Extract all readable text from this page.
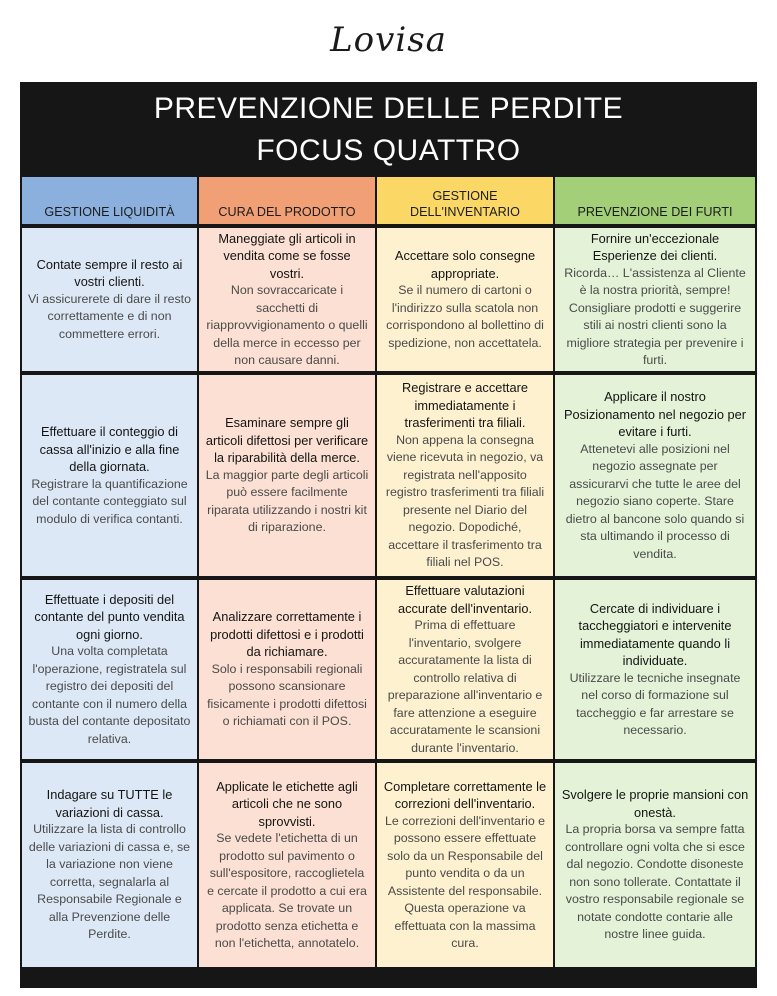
Lovisa
PREVENZIONE DELLE PERDITE
FOCUS QUATTRO
GESTIONE LIQUIDITÀ	CURA DEL PRODOTTO
GESTIONE
DELL'INVENTARIO	PREVENZIONE DEI FURTI
Contate sempre il resto ai vostri clienti.
Vi assicurerete di dare il resto correttamente e di non commettere errori.
Maneggiate gli articoli in vendita come se fosse vostri.
Non sovraccaricate i sacchetti di riapprovvigionamento o quelli della merce in eccesso per non causare danni.
Accettare solo consegne appropriate.
Se il numero di cartoni o l'indirizzo sulla scatola non corrispondono al bollettino di spedizione, non accettatela.
Fornire un'eccezionale Esperienze dei clienti.
Ricorda… L'assistenza al Cliente è la nostra priorità, sempre! Consigliare prodotti e suggerire stili ai nostri clienti sono la migliore strategia per prevenire i furti.
Effettuare il conteggio di cassa all'inizio e alla fine della giornata.
Registrare la quantificazione del contante conteggiato sul modulo di verifica contanti.
Esaminare sempre gli articoli difettosi per verificare la riparabilità della merce.
La maggior parte degli articoli può essere facilmente riparata utilizzando i nostri kit di riparazione.
Registrare e accettare immediatamente i trasferimenti tra filiali.
Non appena la consegna viene ricevuta in negozio, va registrata nell'apposito registro trasferimenti tra filiali presente nel Diario del negozio. Dopodiché, accettare il trasferimento tra filiali nel POS.
Applicare il nostro Posizionamento nel negozio per evitare i furti.
Attenetevi alle posizioni nel negozio assegnate per assicurarvi che tutte le aree del negozio siano coperte. Stare dietro al bancone solo quando si sta ultimando il processo di vendita.
Effettuate i depositi del contante del punto vendita ogni giorno.
Una volta completata l'operazione, registratela sul registro dei depositi del contante con il numero della busta del contante depositato relativa.
Analizzare correttamente i prodotti difettosi e i prodotti da richiamare.
Solo i responsabili regionali possono scansionare fisicamente i prodotti difettosi o richiamati con il POS.
Effettuare valutazioni accurate dell'inventario.
Prima di effettuare l'inventario, svolgere accuratamente la lista di controllo relativa di preparazione all'inventario e fare attenzione a eseguire accuratamente le scansioni durante l'inventario.
Cercate di individuare i taccheggiatori e intervenite immediatamente quando li individuate.
Utilizzare le tecniche insegnate nel corso di formazione sul taccheggio e far arrestare se necessario.
Indagare su TUTTE le variazioni di cassa.
Utilizzare la lista di controllo delle variazioni di cassa e, se la variazione non viene corretta, segnalarla al Responsabile Regionale e alla Prevenzione delle Perdite.
Applicate le etichette agli articoli che ne sono sprovvisti.
Se vedete l'etichetta di un prodotto sul pavimento o sull'espositore, raccoglietela e cercate il prodotto a cui era applicata. Se trovate un prodotto senza etichetta e non l'etichetta, annotatelo.
Completare correttamente le correzioni dell'inventario.
Le correzioni dell'inventario e possono essere effettuate solo da un Responsabile del punto vendita o da un Assistente del responsabile. Questa operazione va effettuata con la massima cura.
Svolgere le proprie mansioni con onestà.
La propria borsa va sempre fatta controllare ogni volta che si esce dal negozio. Condotte disoneste non sono tollerate. Contattate il vostro responsabile regionale se notate condotte contarie alle nostre linee guida.
